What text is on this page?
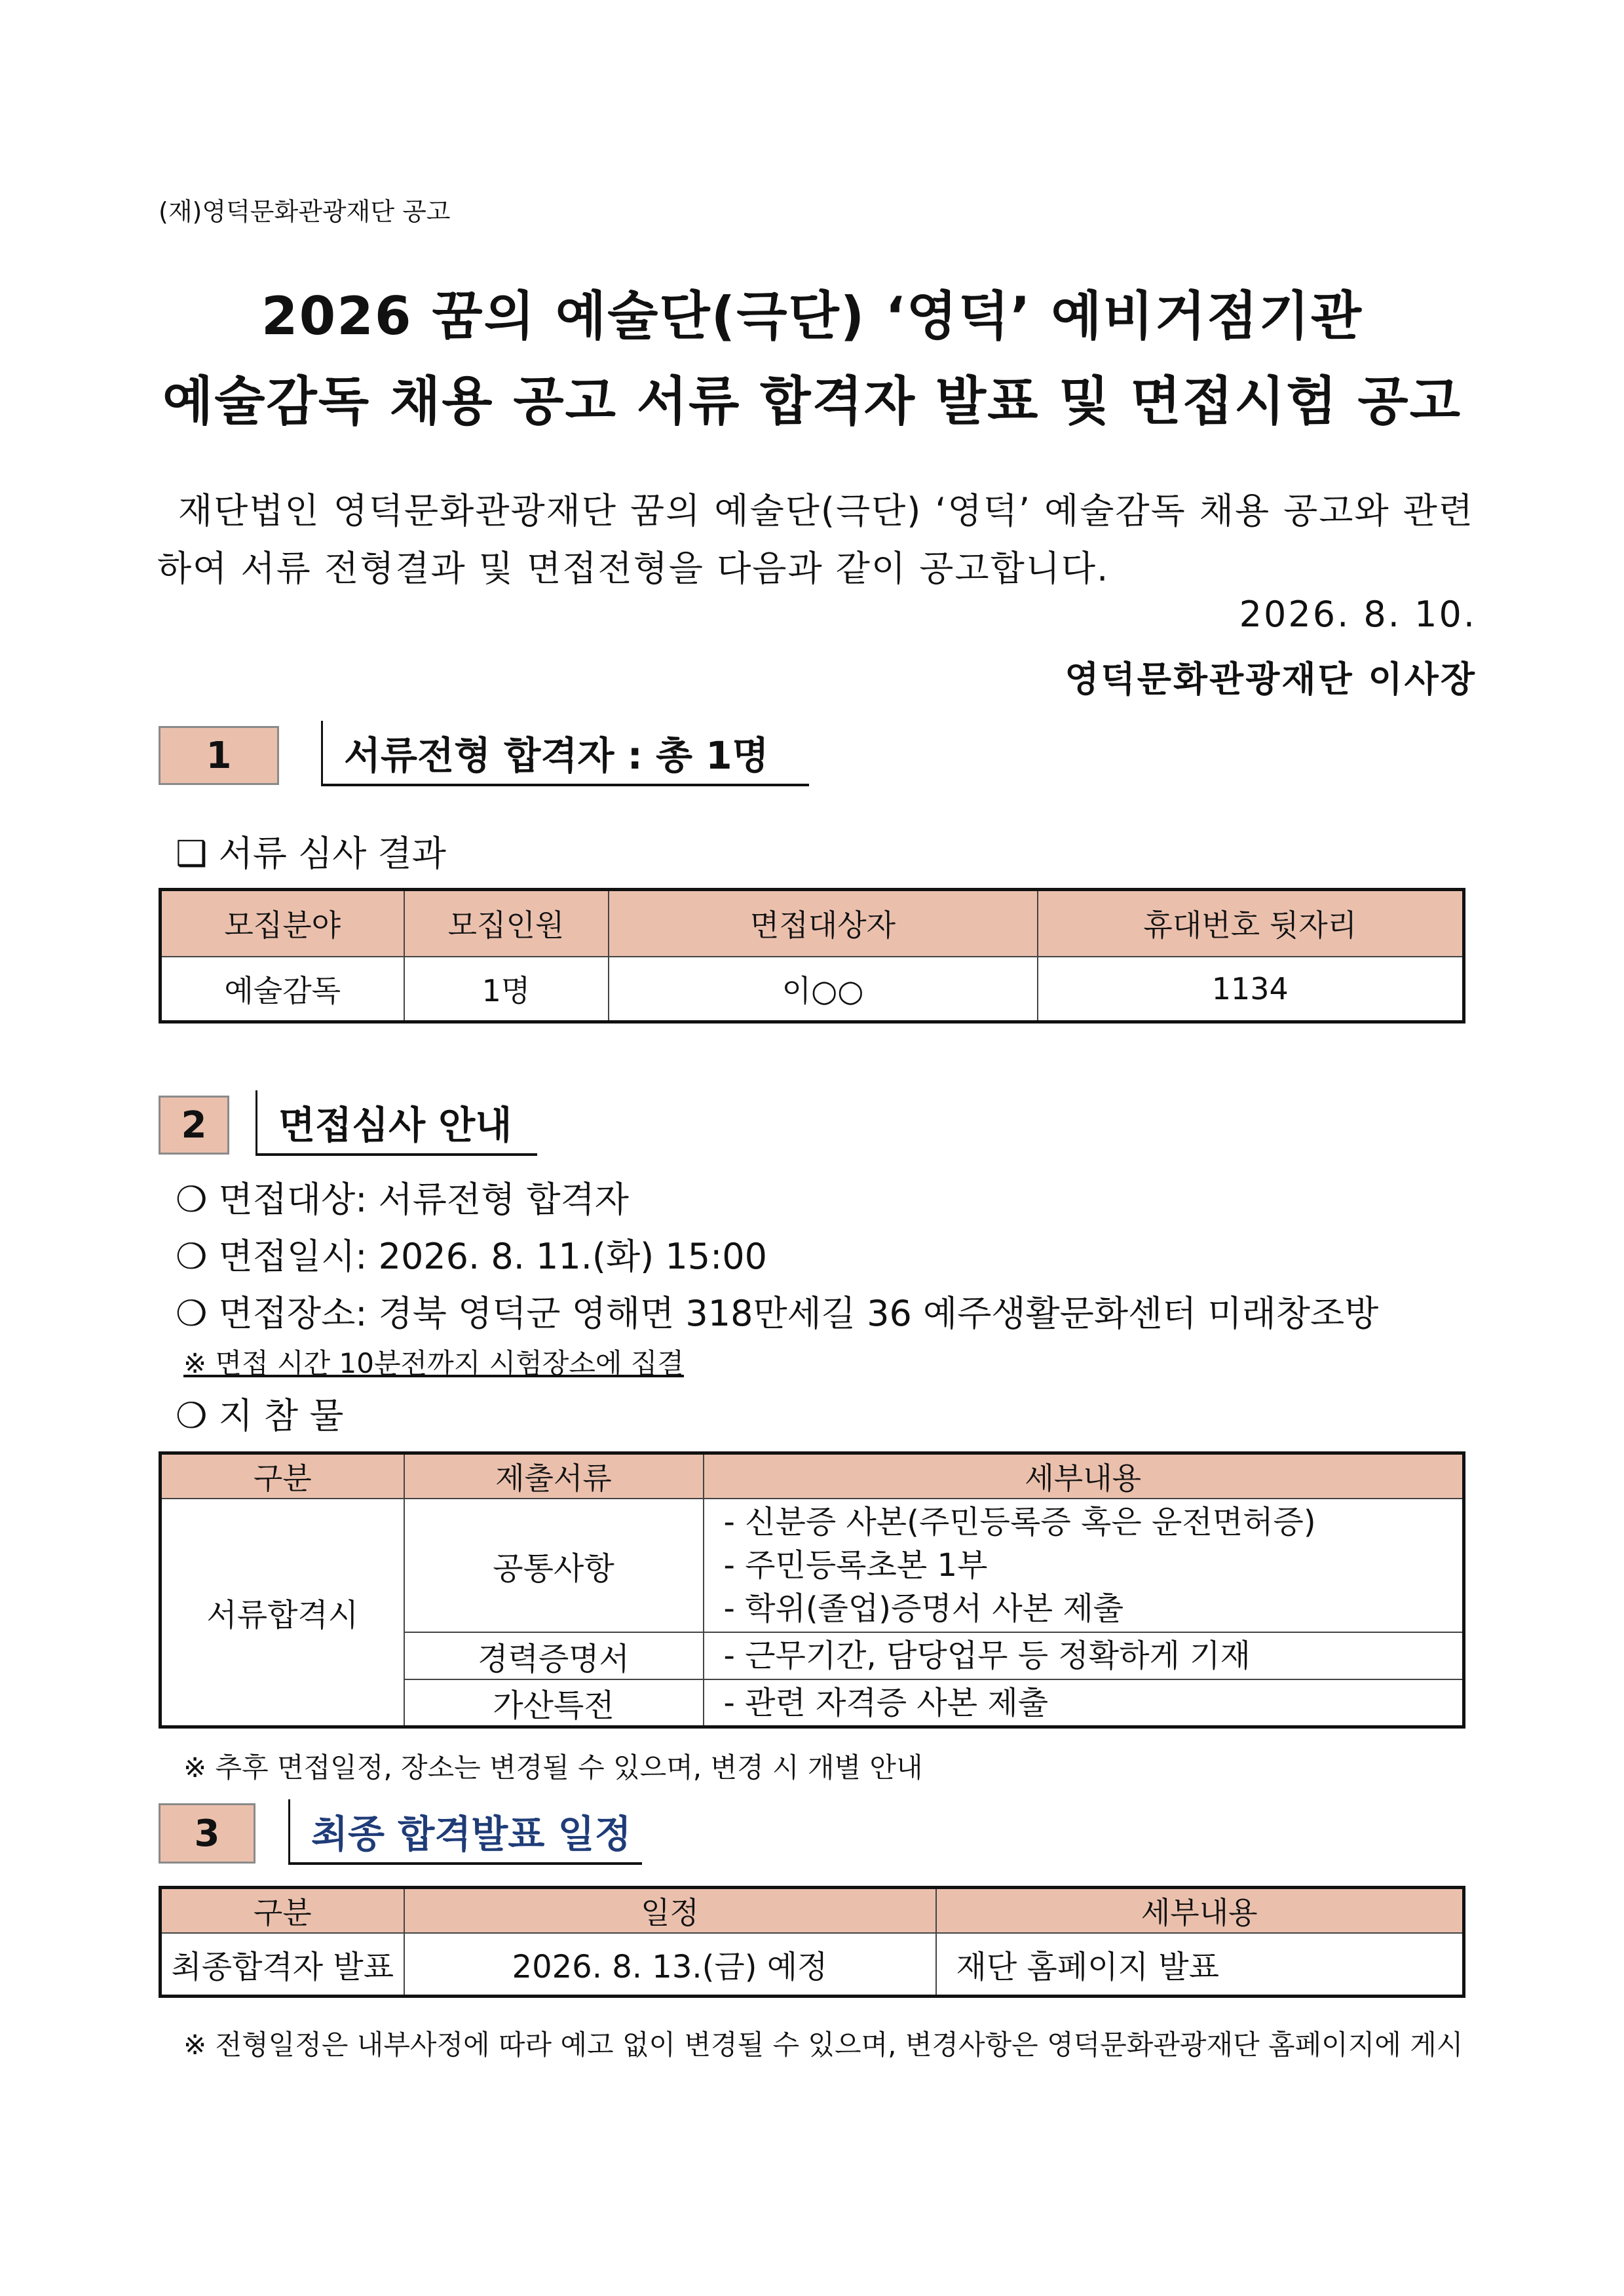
(재)영덕문화관광재단 공고
2026 꿈의 예술단(극단) ‘영덕’ 예비거점기관
예술감독 채용 공고 서류 합격자 발표 및 면접시험 공고
재단법인 영덕문화관광재단 꿈의 예술단(극단) ‘영덕’ 예술감독 채용 공고와 관련
하여 서류 전형결과 및 면접전형을 다음과 같이 공고합니다.
2026. 8. 10.
영덕문화관광재단 이사장
1	서류전형 합격자 : 총 1명
❑ 서류 심사 결과
모집분야	모집인원	면접대상자	휴대번호 뒷자리
예술감독	1명	이○○	1134
2	면접심사 안내
❍ 면접대상: 서류전형 합격자
❍ 면접일시: 2026. 8. 11.(화) 15:00
❍ 면접장소: 경북 영덕군 영해면 318만세길 36 예주생활문화센터 미래창조방
※ 면접 시간 10분전까지 시험장소에 집결
❍ 지 참 물
구분	제출서류	세부내용
서류합격시	공통사항	- 신분증 사본(주민등록증 혹은 운전면허증)
- 주민등록초본 1부
- 학위(졸업)증명서 사본 제출

	경력증명서	- 근무기간, 담당업무 등 정확하게 기재

	가산특전	- 관련 자격증 사본 제출
※ 추후 면접일정, 장소는 변경될 수 있으며, 변경 시 개별 안내
3	최종 합격발표 일정
구분	일정	세부내용
최종합격자 발표	2026. 8. 13.(금) 예정	재단 홈페이지 발표
※ 전형일정은 내부사정에 따라 예고 없이 변경될 수 있으며, 변경사항은 영덕문화관광재단 홈페이지에 게시
